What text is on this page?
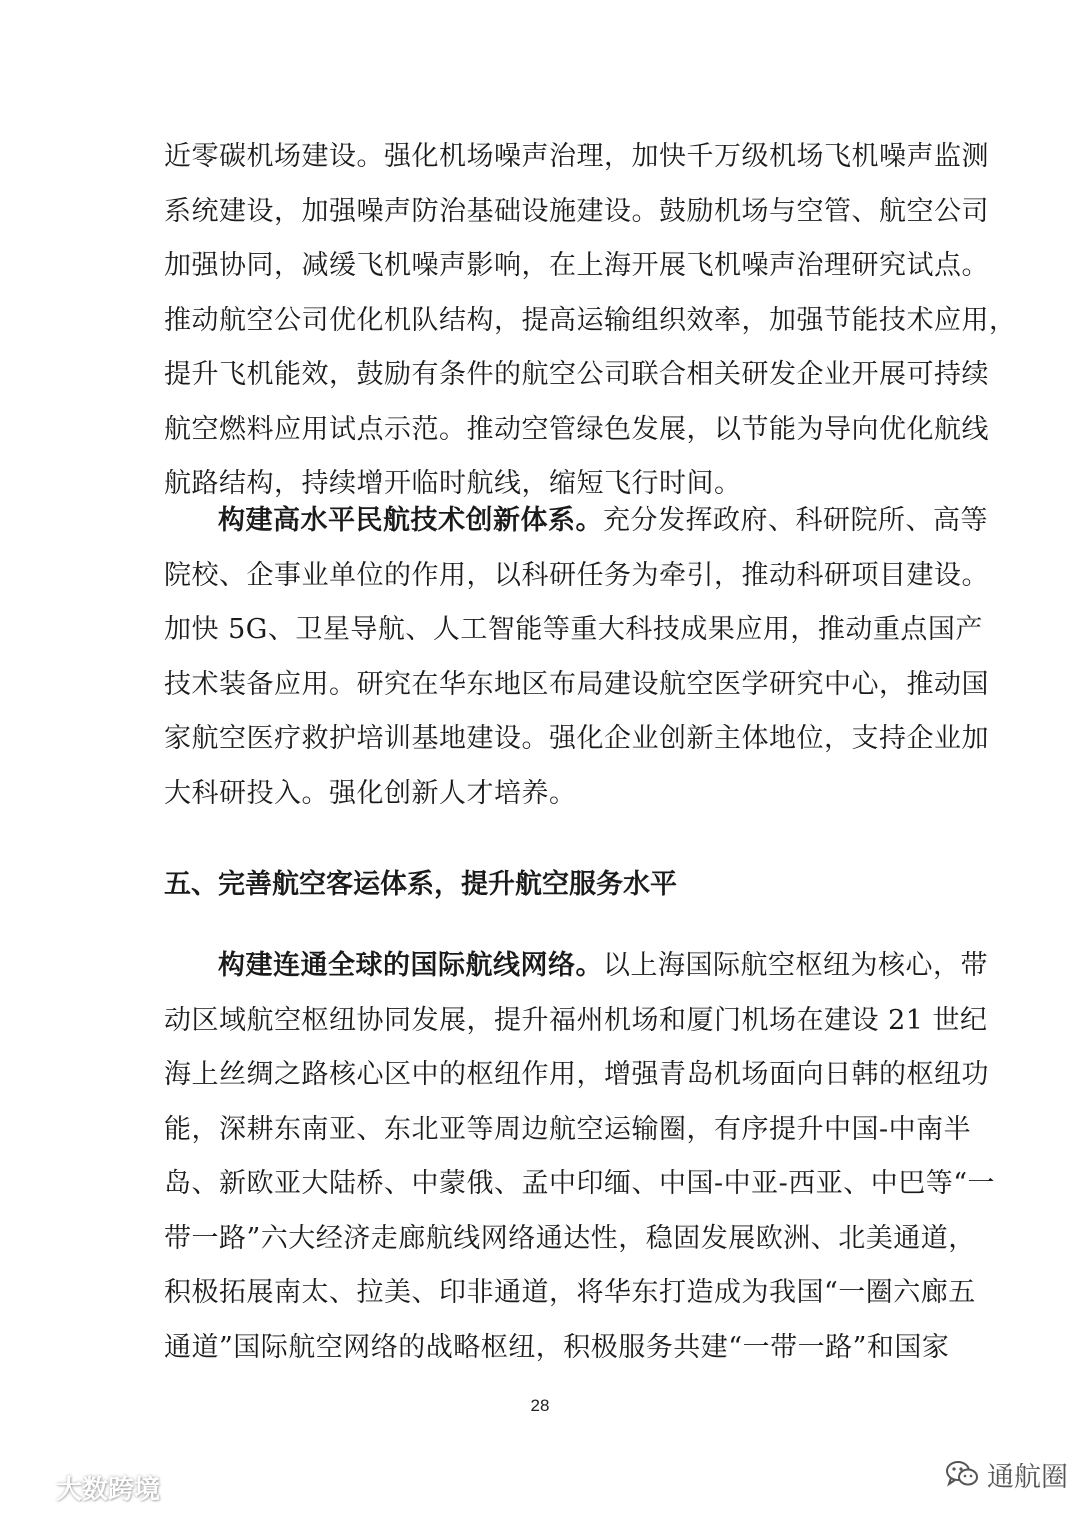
近零碳机场建设。强化机场噪声治理，加快千万级机场飞机噪声监测
系统建设，加强噪声防治基础设施建设。鼓励机场与空管、航空公司
加强协同，减缓飞机噪声影响，在上海开展飞机噪声治理研究试点。
推动航空公司优化机队结构，提高运输组织效率，加强节能技术应用，
提升飞机能效，鼓励有条件的航空公司联合相关研发企业开展可持续
航空燃料应用试点示范。推动空管绿色发展，以节能为导向优化航线
航路结构，持续增开临时航线，缩短飞行时间。
构建高水平民航技术创新体系。充分发挥政府、科研院所、高等
院校、企事业单位的作用，以科研任务为牵引，推动科研项目建设。
加快 5G、卫星导航、人工智能等重大科技成果应用，推动重点国产
技术装备应用。研究在华东地区布局建设航空医学研究中心，推动国
家航空医疗救护培训基地建设。强化企业创新主体地位，支持企业加
大科研投入。强化创新人才培养。
五、完善航空客运体系，提升航空服务水平
构建连通全球的国际航线网络。以上海国际航空枢纽为核心，带
动区域航空枢纽协同发展，提升福州机场和厦门机场在建设 21 世纪
海上丝绸之路核心区中的枢纽作用，增强青岛机场面向日韩的枢纽功
能，深耕东南亚、东北亚等周边航空运输圈，有序提升中国-中南半
岛、新欧亚大陆桥、中蒙俄、孟中印缅、中国-中亚-西亚、中巴等“一
带一路”六大经济走廊航线网络通达性，稳固发展欧洲、北美通道，
积极拓展南太、拉美、印非通道，将华东打造成为我国“一圈六廊五
通道”国际航空网络的战略枢纽，积极服务共建“一带一路”和国家
28
大数跨境	通航圈
